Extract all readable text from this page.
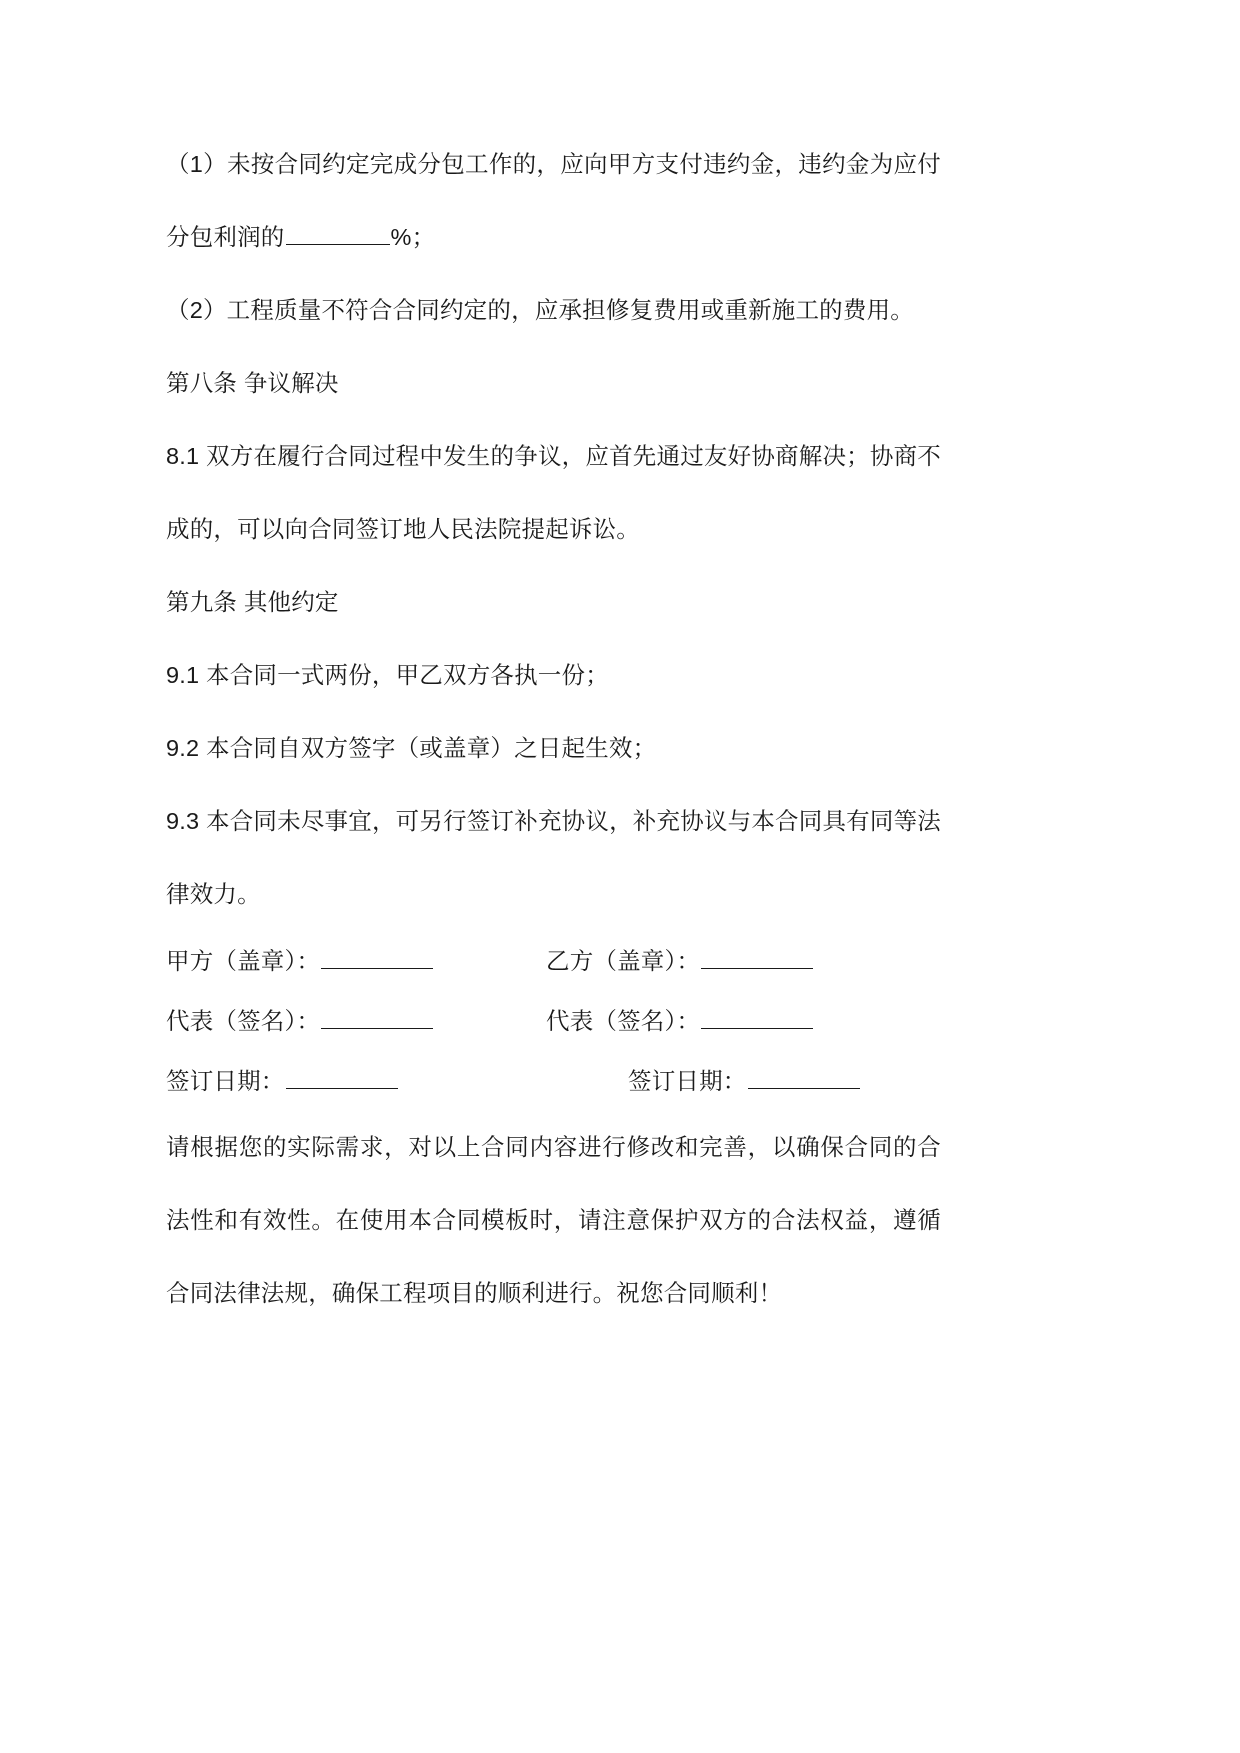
（1）未按合同约定完成分包工作的，应向甲方支付违约金，违约金为应付分包利润的	%；

（2）工程质量不符合合同约定的，应承担修复费用或重新施工的费用。

第八条 争议解决

8.1 双方在履行合同过程中发生的争议，应首先通过友好协商解决；协商不成的，可以向合同签订地人民法院提起诉讼。

第九条 其他约定

9.1 本合同一式两份，甲乙双方各执一份；

9.2 本合同自双方签字（或盖章）之日起生效；

9.3 本合同未尽事宜，可另行签订补充协议，补充协议与本合同具有同等法律效力。

甲方（盖章）：	乙方（盖章）：
代表（签名）：	代表（签名）：
签订日期：	签订日期：

请根据您的实际需求，对以上合同内容进行修改和完善，以确保合同的合法性和有效性。在使用本合同模板时，请注意保护双方的合法权益，遵循合同法律法规，确保工程项目的顺利进行。祝您合同顺利！
